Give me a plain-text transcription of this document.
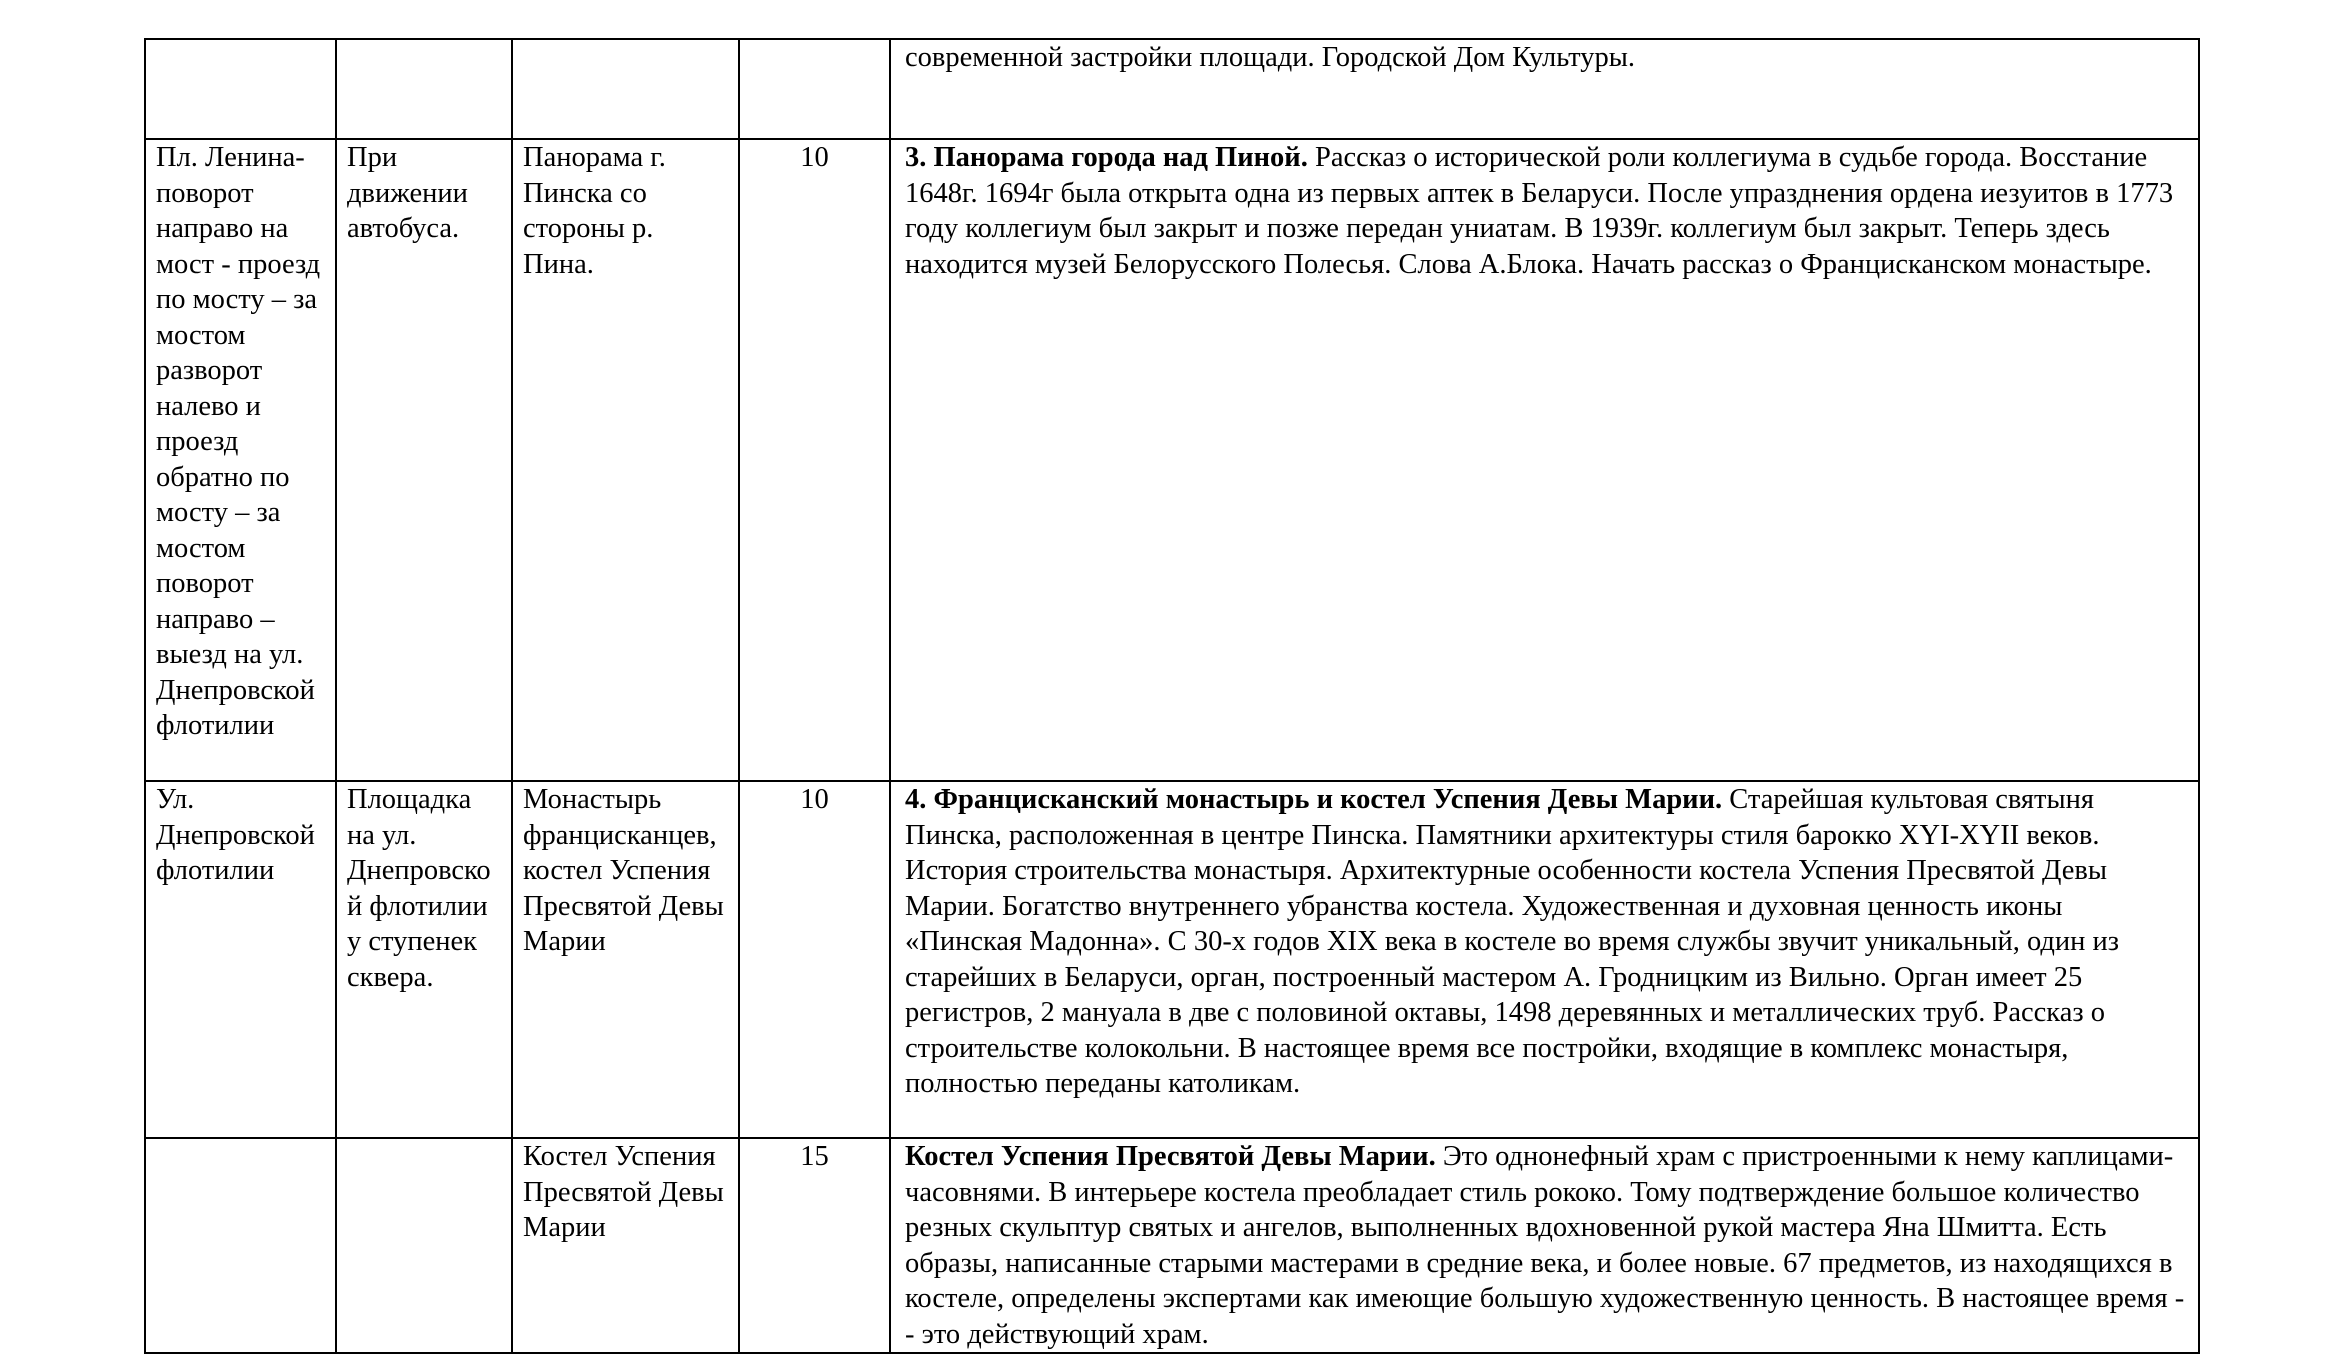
				современной застройки площади. Городской Дом Культуры.
Пл. Ленина- поворот направо на мост - проезд по мосту – за мостом разворот налево и проезд обратно по мосту – за мостом поворот направо – выезд на ул. Днепровской флотилии	При движении автобуса.	Панорама г. Пинска со стороны р. Пина.	10	3. Панорама города над Пиной. Рассказ о исторической роли коллегиума в судьбе города. Восстание 1648г. 1694г была открыта одна из первых аптек в Беларуси. После упразднения ордена иезуитов в 1773 году коллегиум был закрыт и позже передан униатам. В 1939г. коллегиум был закрыт. Теперь здесь находится музей Белорусского Полесья. Слова А.Блока. Начать рассказ о Францисканском монастыре.
Ул. Днепровской флотилии	Площадка на ул. Днепровской флотилии у ступенек сквера.	Монастырь францисканцев, костел Успения Пресвятой Девы Марии	10	4. Францисканский монастырь и костел Успения Девы Марии. Старейшая культовая святыня Пинска, расположенная в центре Пинска. Памятники архитектуры стиля барокко XYI-XYII веков. История строительства монастыря. Архитектурные особенности костела Успения Пресвятой Девы Марии. Богатство внутреннего убранства костела. Художественная и духовная ценность иконы «Пинская Мадонна». С 30-х годов XIX века в костеле во время службы звучит уникальный, один из старейших в Беларуси, орган, построенный мастером А. Гродницким из Вильно. Орган имеет 25 регистров, 2 мануала в две с половиной октавы, 1498 деревянных и металлических труб. Рассказ о строительстве колокольни. В настоящее время все постройки, входящие в комплекс монастыря, полностью переданы католикам.
		Костел Успения Пресвятой Девы Марии	15	Костел Успения Пресвятой Девы Марии. Это однонефный храм с пристроенными к нему каплицами- часовнями. В интерьере костела преобладает стиль рококо. Тому подтверждение большое количество резных скульптур святых и ангелов, выполненных вдохновенной рукой мастера Яна Шмитта. Есть образы, написанные старыми мастерами в средние века, и более новые. 67 предметов, из находящихся в костеле, определены экспертами как имеющие большую художественную ценность. В настоящее время -- это действующий храм.
